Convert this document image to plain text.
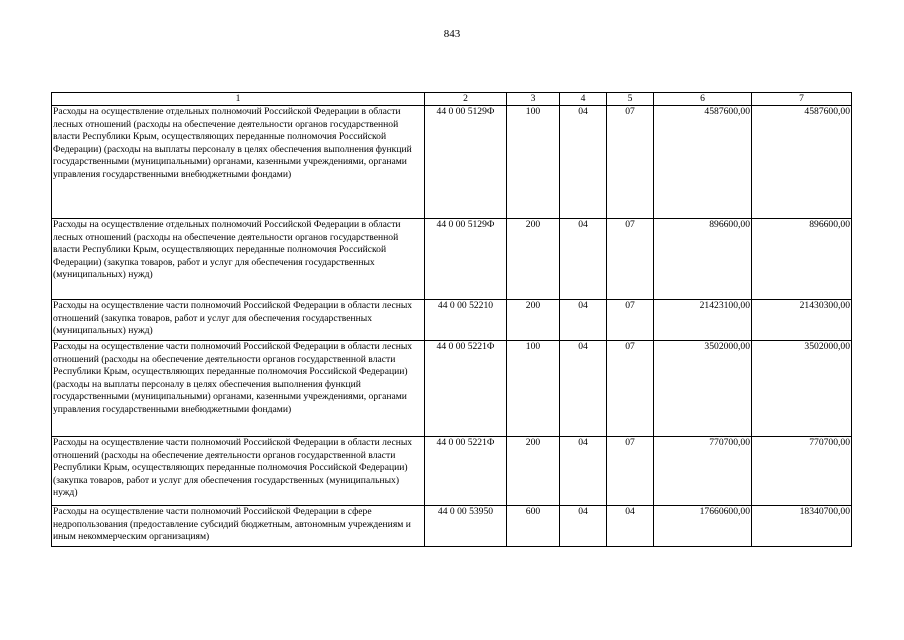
843
1	2	3	4	5	6	7
Расходы на осуществление отдельных полномочий Российской Федерации в области лесных отношений (расходы на обеспечение деятельности органов государственной власти Республики Крым, осуществляющих переданные полномочия Российской Федерации) (расходы на выплаты персоналу в целях обеспечения выполнения функций государственными (муниципальными) органами, казенными учреждениями, органами управления государственными внебюджетными фондами)	44 0 00 5129Ф	100	04	07	4587600,00	4587600,00
Расходы на осуществление отдельных полномочий Российской Федерации в области лесных отношений (расходы на обеспечение деятельности органов государственной власти Республики Крым, осуществляющих переданные полномочия Российской Федерации) (закупка товаров, работ и услуг для обеспечения государственных (муниципальных) нужд)	44 0 00 5129Ф	200	04	07	896600,00	896600,00
Расходы на осуществление части полномочий Российской Федерации в области лесных отношений (закупка товаров, работ и услуг для обеспечения государственных (муниципальных) нужд)	44 0 00 52210	200	04	07	21423100,00	21430300,00
Расходы на осуществление части полномочий Российской Федерации в области лесных отношений (расходы на обеспечение деятельности органов государственной власти Республики Крым, осуществляющих переданные полномочия Российской Федерации) (расходы на выплаты персоналу в целях обеспечения выполнения функций государственными (муниципальными) органами, казенными учреждениями, органами управления государственными внебюджетными фондами)	44 0 00 5221Ф	100	04	07	3502000,00	3502000,00
Расходы на осуществление части полномочий Российской Федерации в области лесных отношений (расходы на обеспечение деятельности органов государственной власти Республики Крым, осуществляющих переданные полномочия Российской Федерации) (закупка товаров, работ и услуг для обеспечения государственных (муниципальных) нужд)	44 0 00 5221Ф	200	04	07	770700,00	770700,00
Расходы на осуществление части полномочий Российской Федерации в сфере недропользования (предоставление субсидий бюджетным, автономным учреждениям и иным некоммерческим организациям)	44 0 00 53950	600	04	04	17660600,00	18340700,00
